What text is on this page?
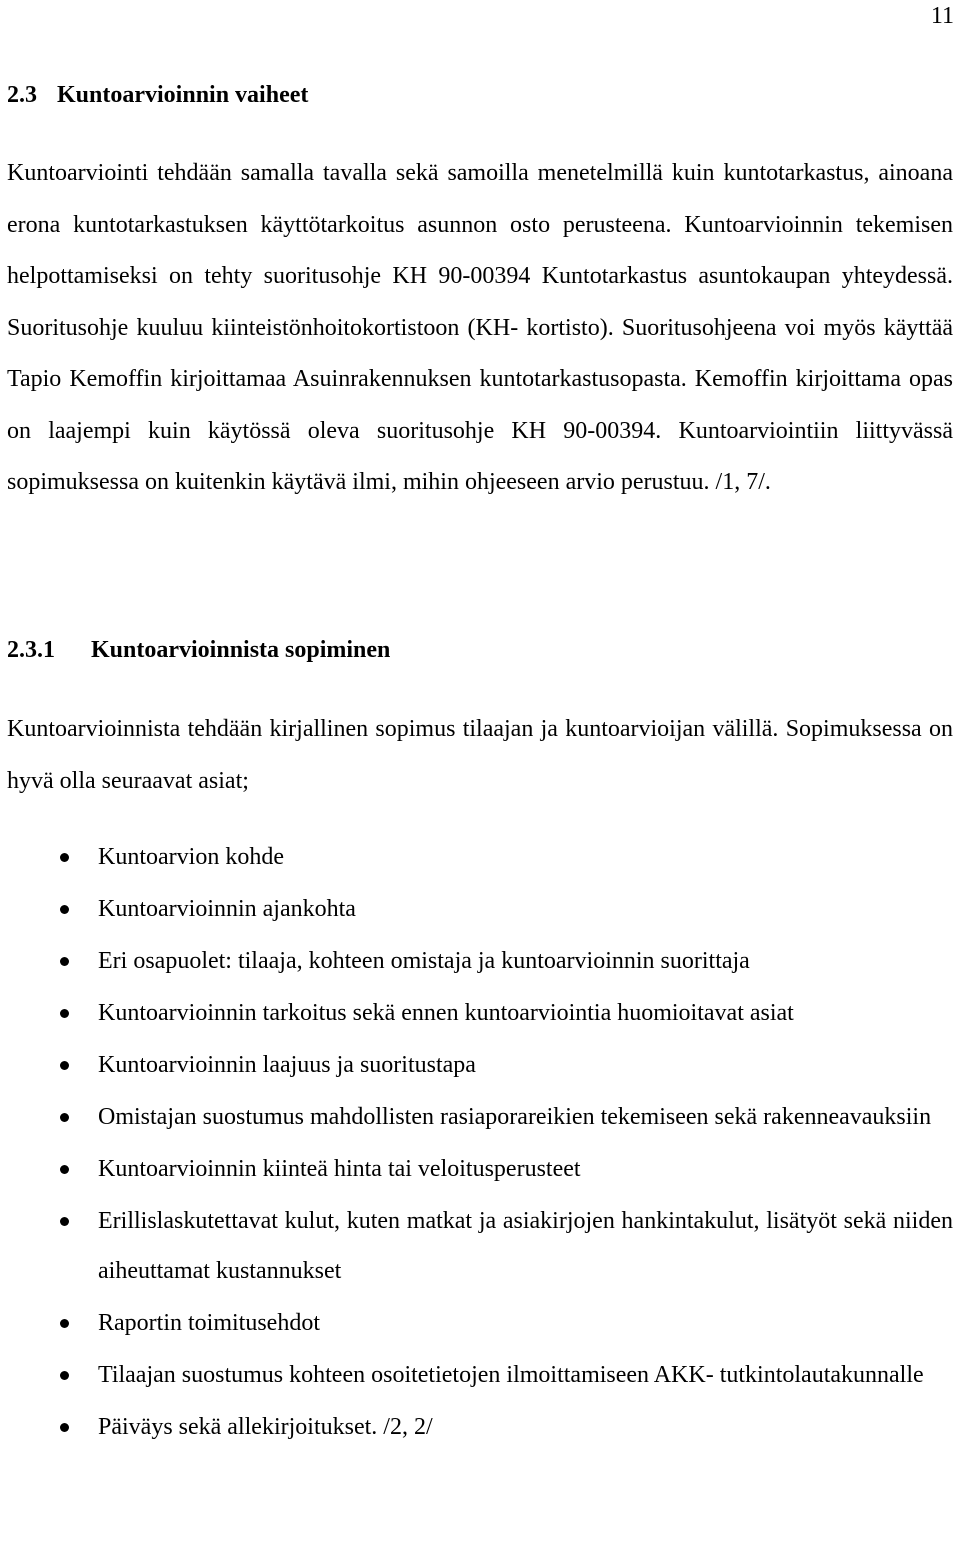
11
2.3 Kuntoarvioinnin vaiheet

Kuntoarviointi tehdään samalla tavalla sekä samoilla menetelmillä kuin kuntotarkastus, ainoana erona kuntotarkastuksen käyttötarkoitus asunnon osto perusteena. Kuntoarvioinnin tekemisen helpottamiseksi on tehty suoritusohje KH 90-00394 Kuntotarkastus asuntokaupan yhteydessä. Suoritusohje kuuluu kiinteistönhoitokortistoon (KH- kortisto). Suoritusohjeena voi myös käyttää Tapio Kemoffin kirjoittamaa Asuinrakennuksen kuntotarkastusopasta. Kemoffin kirjoittama opas on laajempi kuin käytössä oleva suoritusohje KH 90-00394. Kuntoarviointiin liittyvässä sopimuksessa on kuitenkin käytävä ilmi, mihin ohjeeseen arvio perustuu. /1, 7/.

2.3.1 Kuntoarvioinnista sopiminen

Kuntoarvioinnista tehdään kirjallinen sopimus tilaajan ja kuntoarvioijan välillä. Sopimuksessa on hyvä olla seuraavat asiat;

Kuntoarvion kohde
Kuntoarvioinnin ajankohta
Eri osapuolet: tilaaja, kohteen omistaja ja kuntoarvioinnin suorittaja
Kuntoarvioinnin tarkoitus sekä ennen kuntoarviointia huomioitavat asiat
Kuntoarvioinnin laajuus ja suoritustapa
Omistajan suostumus mahdollisten rasiaporareikien tekemiseen sekä rakenneavauksiin
Kuntoarvioinnin kiinteä hinta tai veloitusperusteet
Erillislaskutettavat kulut, kuten matkat ja asiakirjojen hankintakulut, lisätyöt sekä niiden aiheuttamat kustannukset
Raportin toimitusehdot
Tilaajan suostumus kohteen osoitetietojen ilmoittamiseen AKK- tutkintolautakunnalle
Päiväys sekä allekirjoitukset. /2, 2/
